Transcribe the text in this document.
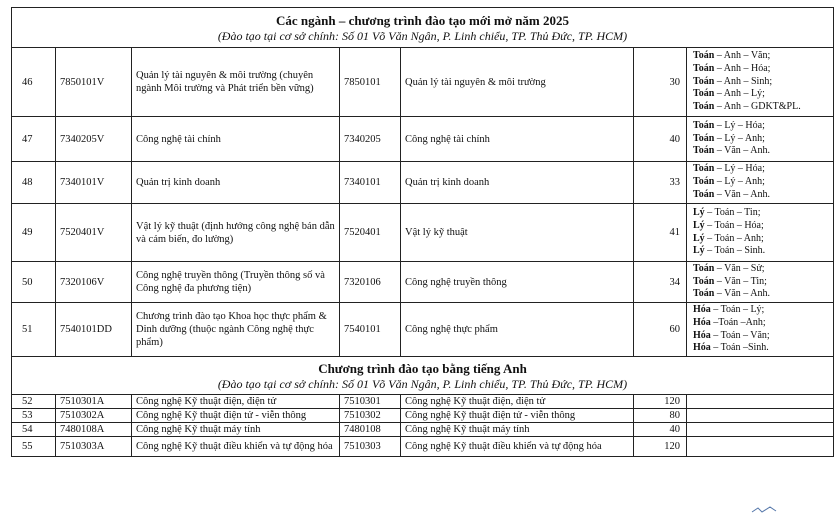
Các ngành – chương trình đào tạo mới mở năm 2025
(Đào tạo tại cơ sở chính: Số 01 Võ Văn Ngân, P. Linh chiểu, TP. Thủ Đức, TP. HCM)						

46	7850101V	Quản lý tài nguyên & môi trường (chuyên ngành Môi trường và Phát triển bền vững)	7850101	Quản lý tài nguyên & môi trường	30	Toán – Anh – Văn;
Toán – Anh – Hóa;
Toán – Anh – Sinh;
Toán – Anh – Lý;
Toán – Anh – GDKT&PL.

47	7340205V	Công nghệ tài chính	7340205	Công nghệ tài chính	40	Toán – Lý – Hóa;
Toán – Lý – Anh;
Toán – Văn – Anh.

48	7340101V	Quản trị kinh doanh	7340101	Quản trị kinh doanh	33	Toán – Lý – Hóa;
Toán – Lý – Anh;
Toán – Văn – Anh.

49	7520401V	Vật lý kỹ thuật (định hướng công nghệ bán dẫn và cảm biến, đo lường)	7520401	Vật lý kỹ thuật	41	Lý – Toán – Tin;
Lý – Toán – Hóa;
Lý – Toán – Anh;
Lý – Toán – Sinh.

50	7320106V	Công nghệ truyền thông (Truyền thông số và Công nghệ đa phương tiện)	7320106	Công nghệ truyền thông	34	Toán – Văn – Sử;
Toán – Văn – Tin;
Toán – Văn – Anh.

51	7540101DD	Chương trình đào tạo Khoa học thực phẩm & Dinh dưỡng (thuộc ngành Công nghệ thực phẩm)	7540101	Công nghệ thực phẩm	60	Hóa – Toán – Lý;
Hóa –Toán –Anh;
Hóa – Toán – Văn;
Hóa – Toán –Sinh.

Chương trình đào tạo bằng tiếng Anh
(Đào tạo tại cơ sở chính: Số 01 Võ Văn Ngân, P. Linh chiểu, TP. Thủ Đức, TP. HCM)						

52	7510301A	Công nghệ Kỹ thuật điện, điện tử	7510301	Công nghệ Kỹ thuật điện, điện tử	120	
53	7510302A	Công nghệ Kỹ thuật điện tử - viễn thông	7510302	Công nghệ Kỹ thuật điện tử - viễn thông	80	
54	7480108A	Công nghệ Kỹ thuật máy tính	7480108	Công nghệ Kỹ thuật máy tính	40	
55	7510303A	Công nghệ Kỹ thuật điều khiển và tự động hóa	7510303	Công nghệ Kỹ thuật điều khiển và tự động hóa	120	
